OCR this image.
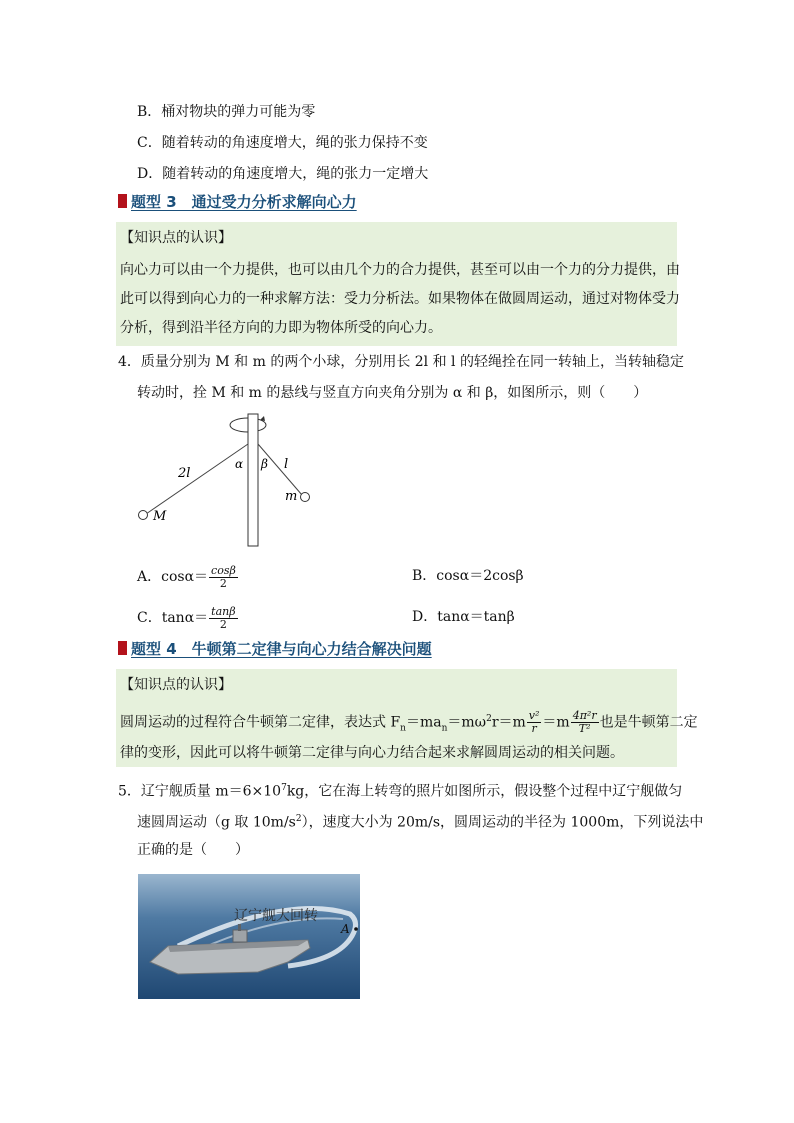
B．桶对物块的弹力可能为零
C．随着转动的角速度增大，绳的张力保持不变
D．随着转动的角速度增大，绳的张力一定增大
题型 3　通过受力分析求解向心力
【知识点的认识】
向心力可以由一个力提供，也可以由几个力的合力提供，甚至可以由一个力的分力提供，由
此可以得到向心力的一种求解方法：受力分析法。如果物体在做圆周运动，通过对物体受力
分析，得到沿半径方向的力即为物体所受的向心力。
4．质量分别为 M 和 m 的两个小球，分别用长 2l 和 l 的轻绳拴在同一转轴上，当转轴稳定
转动时，拴 M 和 m 的悬线与竖直方向夹角分别为 α 和 β，如图所示，则（　　）
2l
l
α β
M
m
A．$\cos\alpha= \frac{\cos\beta}{2}$	B．cosα＝2cosβ
C．$\tan\alpha= \frac{\tan\beta}{2}$	D．tanα＝tanβ
题型 4　牛顿第二定律与向心力结合解决问题
【知识点的认识】
圆周运动的过程符合牛顿第二定律，表达式 $F_n=ma_n=m\omega^2r=m \frac{\text{v²}}{r} =m \frac{\text{4π²r}}{\text{T²}}$ 也是牛顿第二定
律的变形，因此可以将牛顿第二定律与向心力结合起来求解圆周运动的相关问题。
5．辽宁舰质量 $m=6\times 10^7kg$，它在海上转弯的照片如图所示，假设整个过程中辽宁舰做匀
速圆周运动（g 取 $10m/s^2$），速度大小为 20m/s，圆周运动的半径为 1000m，下列说法中
正确的是（　　）
辽宁舰大回转
A
